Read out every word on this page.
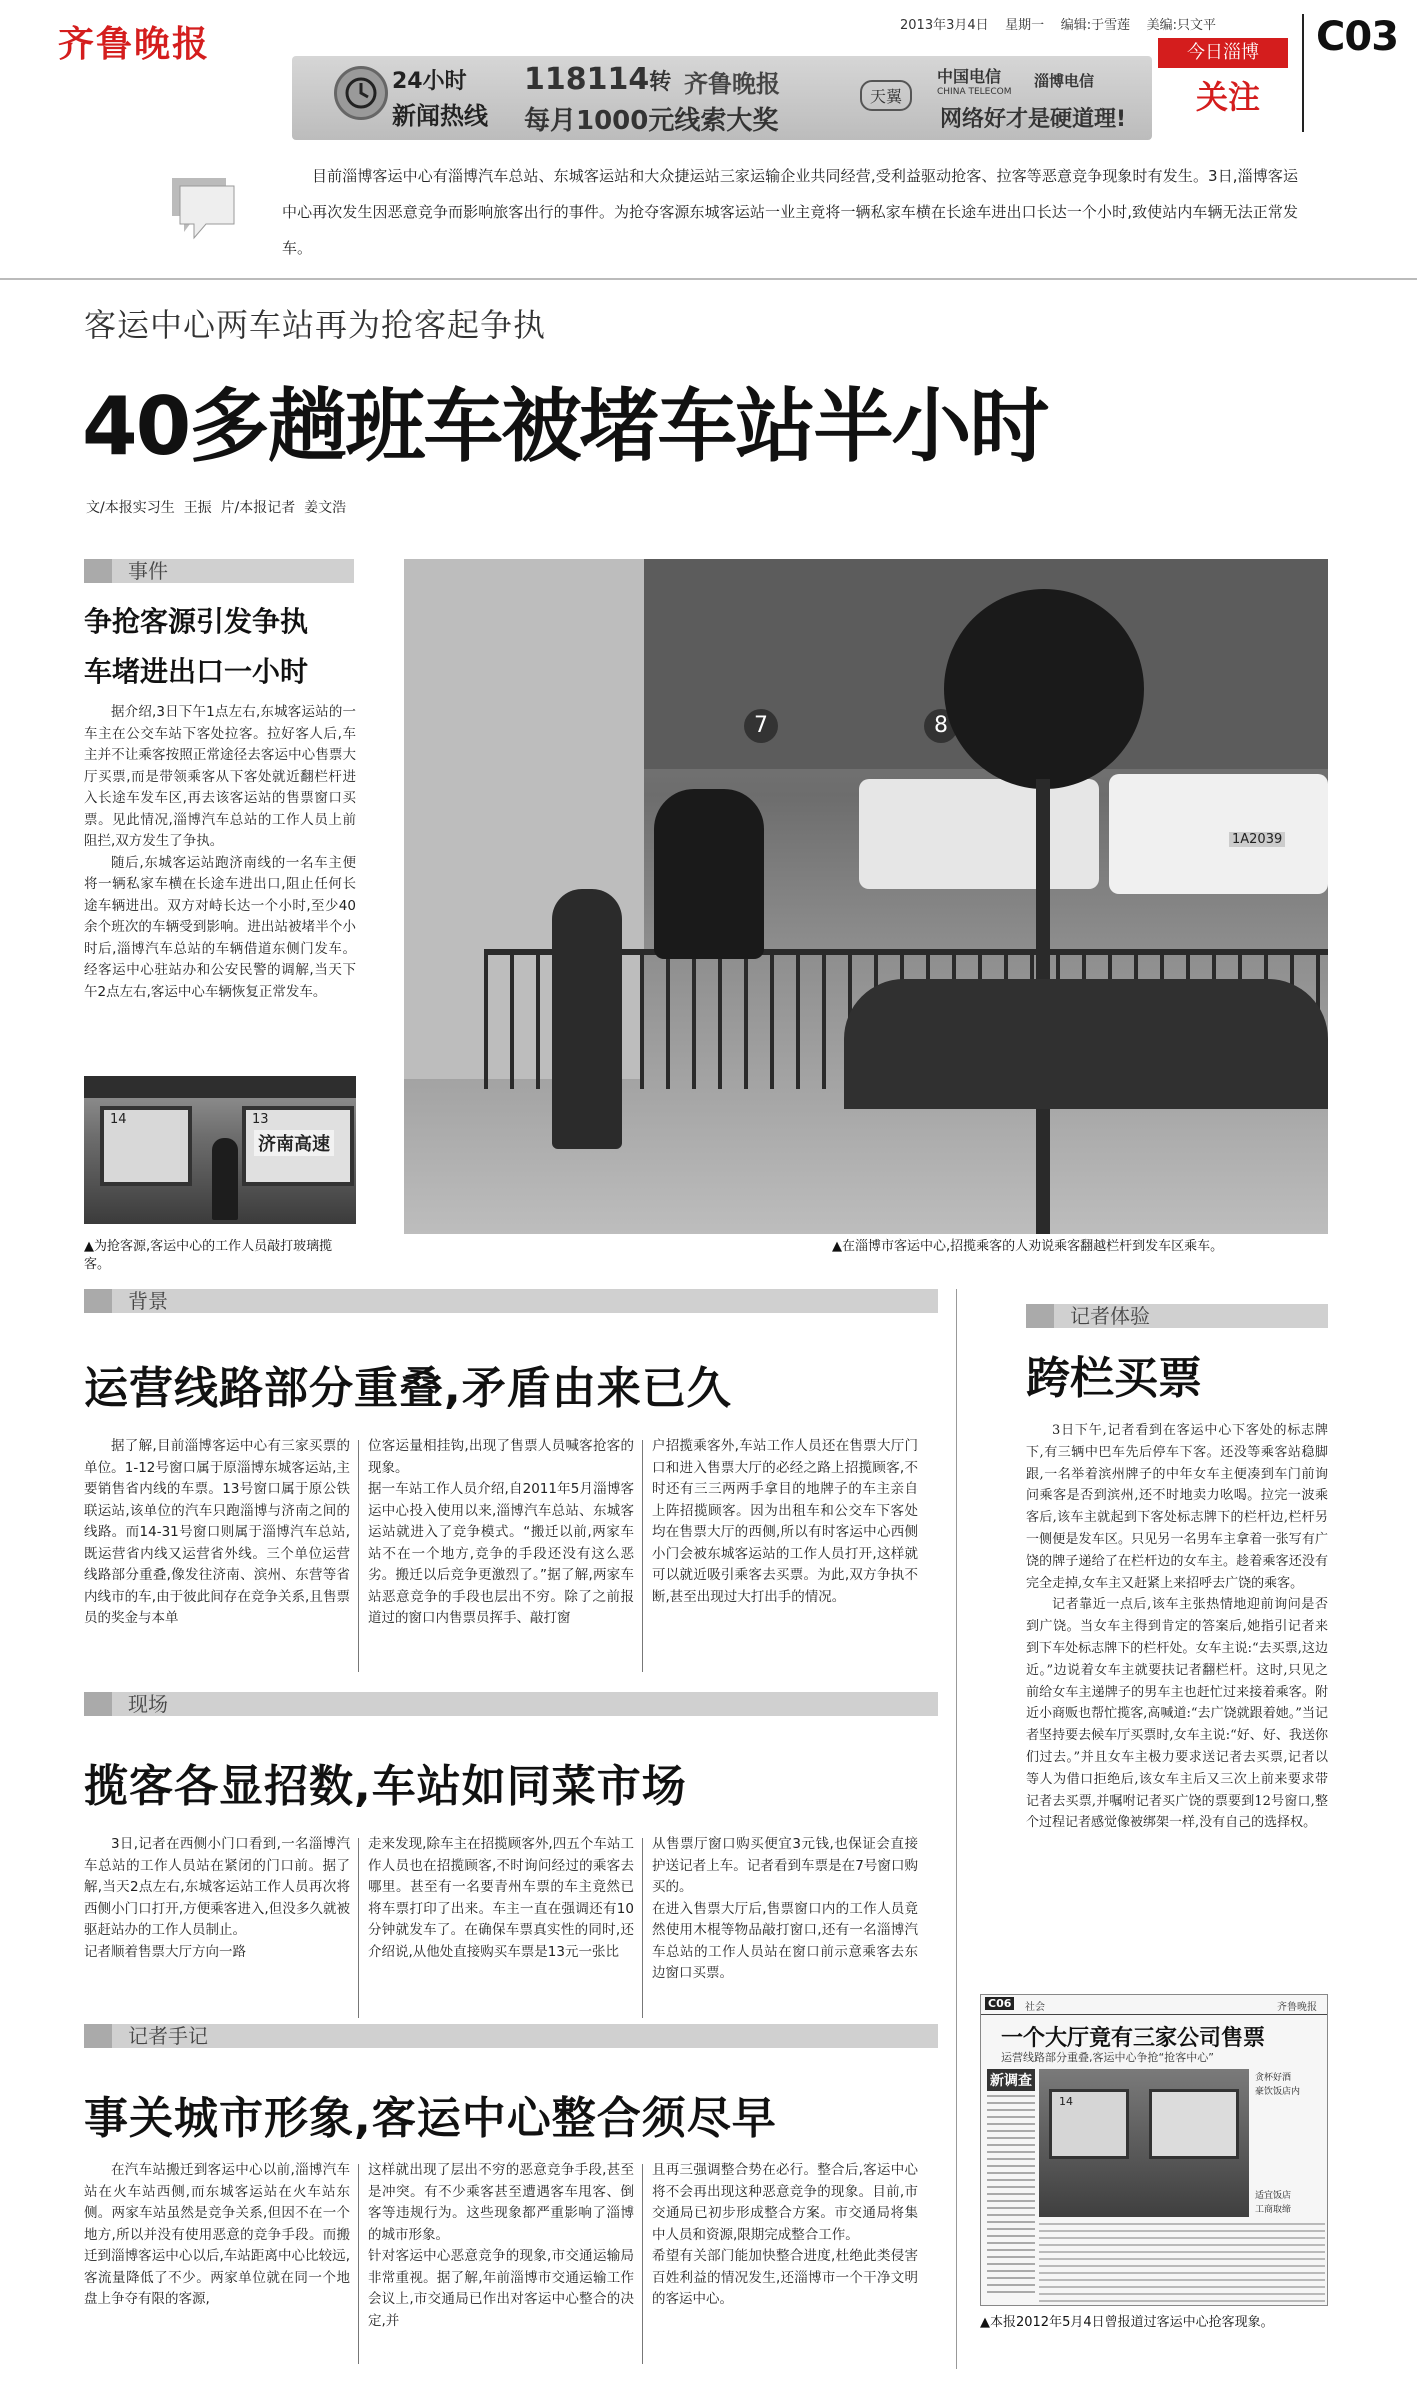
齐鲁晚报	2013年3月4日 星期一 编辑:于雪莲 美编:只文平
今日淄博
关注
C03
24小时
新闻热线
118114转 齐鲁晚报
每月1000元线索大奖
天翼
中国电信
CHINA TELECOM
淄博电信
网络好才是硬道理!
目前淄博客运中心有淄博汽车总站、东城客运站和大众捷运站三家运输企业共同经营,受利益驱动抢客、拉客等恶意竞争现象时有发生。3日,淄博客运中心再次发生因恶意竞争而影响旅客出行的事件。为抢夺客源东城客运站一业主竟将一辆私家车横在长途车进出口长达一个小时,致使站内车辆无法正常发车。
客运中心两车站再为抢客起争执
40多趟班车被堵车站半小时
文/本报实习生  王振  片/本报记者  姜文浩
事件
争抢客源引发争执
车堵进出口一小时

据介绍,3日下午1点左右,东城客运站的一车主在公交车站下客处拉客。拉好客人后,车主并不让乘客按照正常途径去客运中心售票大厅买票,而是带领乘客从下客处就近翻栏杆进入长途车发车区,再去该客运站的售票窗口买票。见此情况,淄博汽车总站的工作人员上前阻拦,双方发生了争执。

随后,东城客运站跑济南线的一名车主便将一辆私家车横在长途车进出口,阻止任何长途车辆进出。双方对峙长达一个小时,至少40余个班次的车辆受到影响。进出站被堵半个小时后,淄博汽车总站的车辆借道东侧门发车。经客运中心驻站办和公安民警的调解,当天下午2点左右,客运中心车辆恢复正常发车。

济南高速
14	13
▲为抢客源,客运中心的工作人员敲打玻璃揽客。
7	8
1A2039
▲在淄博市客运中心,招揽乘客的人劝说乘客翻越栏杆到发车区乘车。
背景
运营线路部分重叠,矛盾由来已久

据了解,目前淄博客运中心有三家买票的单位。1-12号窗口属于原淄博东城客运站,主要销售省内线的车票。13号窗口属于原公铁联运站,该单位的汽车只跑淄博与济南之间的线路。而14-31号窗口则属于淄博汽车总站,既运营省内线又运营省外线。三个单位运营线路部分重叠,像发往济南、滨州、东营等省内线市的车,由于彼此间存在竞争关系,且售票员的奖金与本单

位客运量相挂钩,出现了售票人员喊客抢客的现象。
据一车站工作人员介绍,自2011年5月淄博客运中心投入使用以来,淄博汽车总站、东城客运站就进入了竞争模式。“搬迁以前,两家车站不在一个地方,竞争的手段还没有这么恶劣。搬迁以后竞争更激烈了。”据了解,两家车站恶意竞争的手段也层出不穷。除了之前报道过的窗口内售票员挥手、敲打窗

户招揽乘客外,车站工作人员还在售票大厅门口和进入售票大厅的必经之路上招揽顾客,不时还有三三两两手拿目的地牌子的车主亲自上阵招揽顾客。因为出租车和公交车下客处均在售票大厅的西侧,所以有时客运中心西侧小门会被东城客运站的工作人员打开,这样就可以就近吸引乘客去买票。为此,双方争执不断,甚至出现过大打出手的情况。

现场
揽客各显招数,车站如同菜市场

3日,记者在西侧小门口看到,一名淄博汽车总站的工作人员站在紧闭的门口前。据了解,当天2点左右,东城客运站工作人员再次将西侧小门口打开,方便乘客进入,但没多久就被驱赶站办的工作人员制止。
记者顺着售票大厅方向一路

走来发现,除车主在招揽顾客外,四五个车站工作人员也在招揽顾客,不时询问经过的乘客去哪里。甚至有一名要青州车票的车主竟然已将车票打印了出来。车主一直在强调还有10分钟就发车了。在确保车票真实性的同时,还介绍说,从他处直接购买车票是13元一张比

从售票厅窗口购买便宜3元钱,也保证会直接护送记者上车。记者看到车票是在7号窗口购买的。
在进入售票大厅后,售票窗口内的工作人员竟然使用木棍等物品敲打窗口,还有一名淄博汽车总站的工作人员站在窗口前示意乘客去东边窗口买票。

记者手记
事关城市形象,客运中心整合须尽早

在汽车站搬迁到客运中心以前,淄博汽车站在火车站西侧,而东城客运站在火车站东侧。两家车站虽然是竞争关系,但因不在一个地方,所以并没有使用恶意的竞争手段。而搬迁到淄博客运中心以后,车站距离中心比较远,客流量降低了不少。两家单位就在同一个地盘上争夺有限的客源,

这样就出现了层出不穷的恶意竞争手段,甚至是冲突。有不少乘客甚至遭遇客车甩客、倒客等违规行为。这些现象都严重影响了淄博的城市形象。
针对客运中心恶意竞争的现象,市交通运输局非常重视。据了解,年前淄博市交通运输工作会议上,市交通局已作出对客运中心整合的决定,并

且再三强调整合势在必行。整合后,客运中心将不会再出现这种恶意竞争的现象。目前,市交通局已初步形成整合方案。市交通局将集中人员和资源,限期完成整合工作。
希望有关部门能加快整合进度,杜绝此类侵害百姓利益的情况发生,还淄博市一个干净文明的客运中心。

记者体验
跨栏买票

3日下午,记者看到在客运中心下客处的标志牌下,有三辆中巴车先后停车下客。还没等乘客站稳脚跟,一名举着滨州牌子的中年女车主便凑到车门前询问乘客是否到滨州,还不时地卖力吆喝。拉完一波乘客后,该车主就起到下客处标志牌下的栏杆边,栏杆另一侧便是发车区。只见另一名男车主拿着一张写有广饶的牌子递给了在栏杆边的女车主。趁着乘客还没有完全走掉,女车主又赶紧上来招呼去广饶的乘客。

记者靠近一点后,该车主张热情地迎前询问是否到广饶。当女车主得到肯定的答案后,她指引记者来到下车处标志牌下的栏杆处。女车主说:“去买票,这边近。”边说着女车主就要扶记者翻栏杆。这时,只见之前给女车主递牌子的男车主也赶忙过来接着乘客。附近小商贩也帮忙揽客,高喊道:“去广饶就跟着她。”当记者坚持要去候车厅买票时,女车主说:“好、好、我送你们过去。”并且女车主极力要求送记者去买票,记者以等人为借口拒绝后,该女车主后又三次上前来要求带记者去买票,并嘱咐记者买广饶的票要到12号窗口,整个过程记者感觉像被绑架一样,没有自己的选择权。

C06	社会	齐鲁晚报
一个大厅竟有三家公司售票
运营线路部分重叠,客运中心争抢“抢客中心”
14
新调查	贪杯好酒
豪饮饭店内
适宜饭店
工商取缔
▲本报2012年5月4日曾报道过客运中心抢客现象。
